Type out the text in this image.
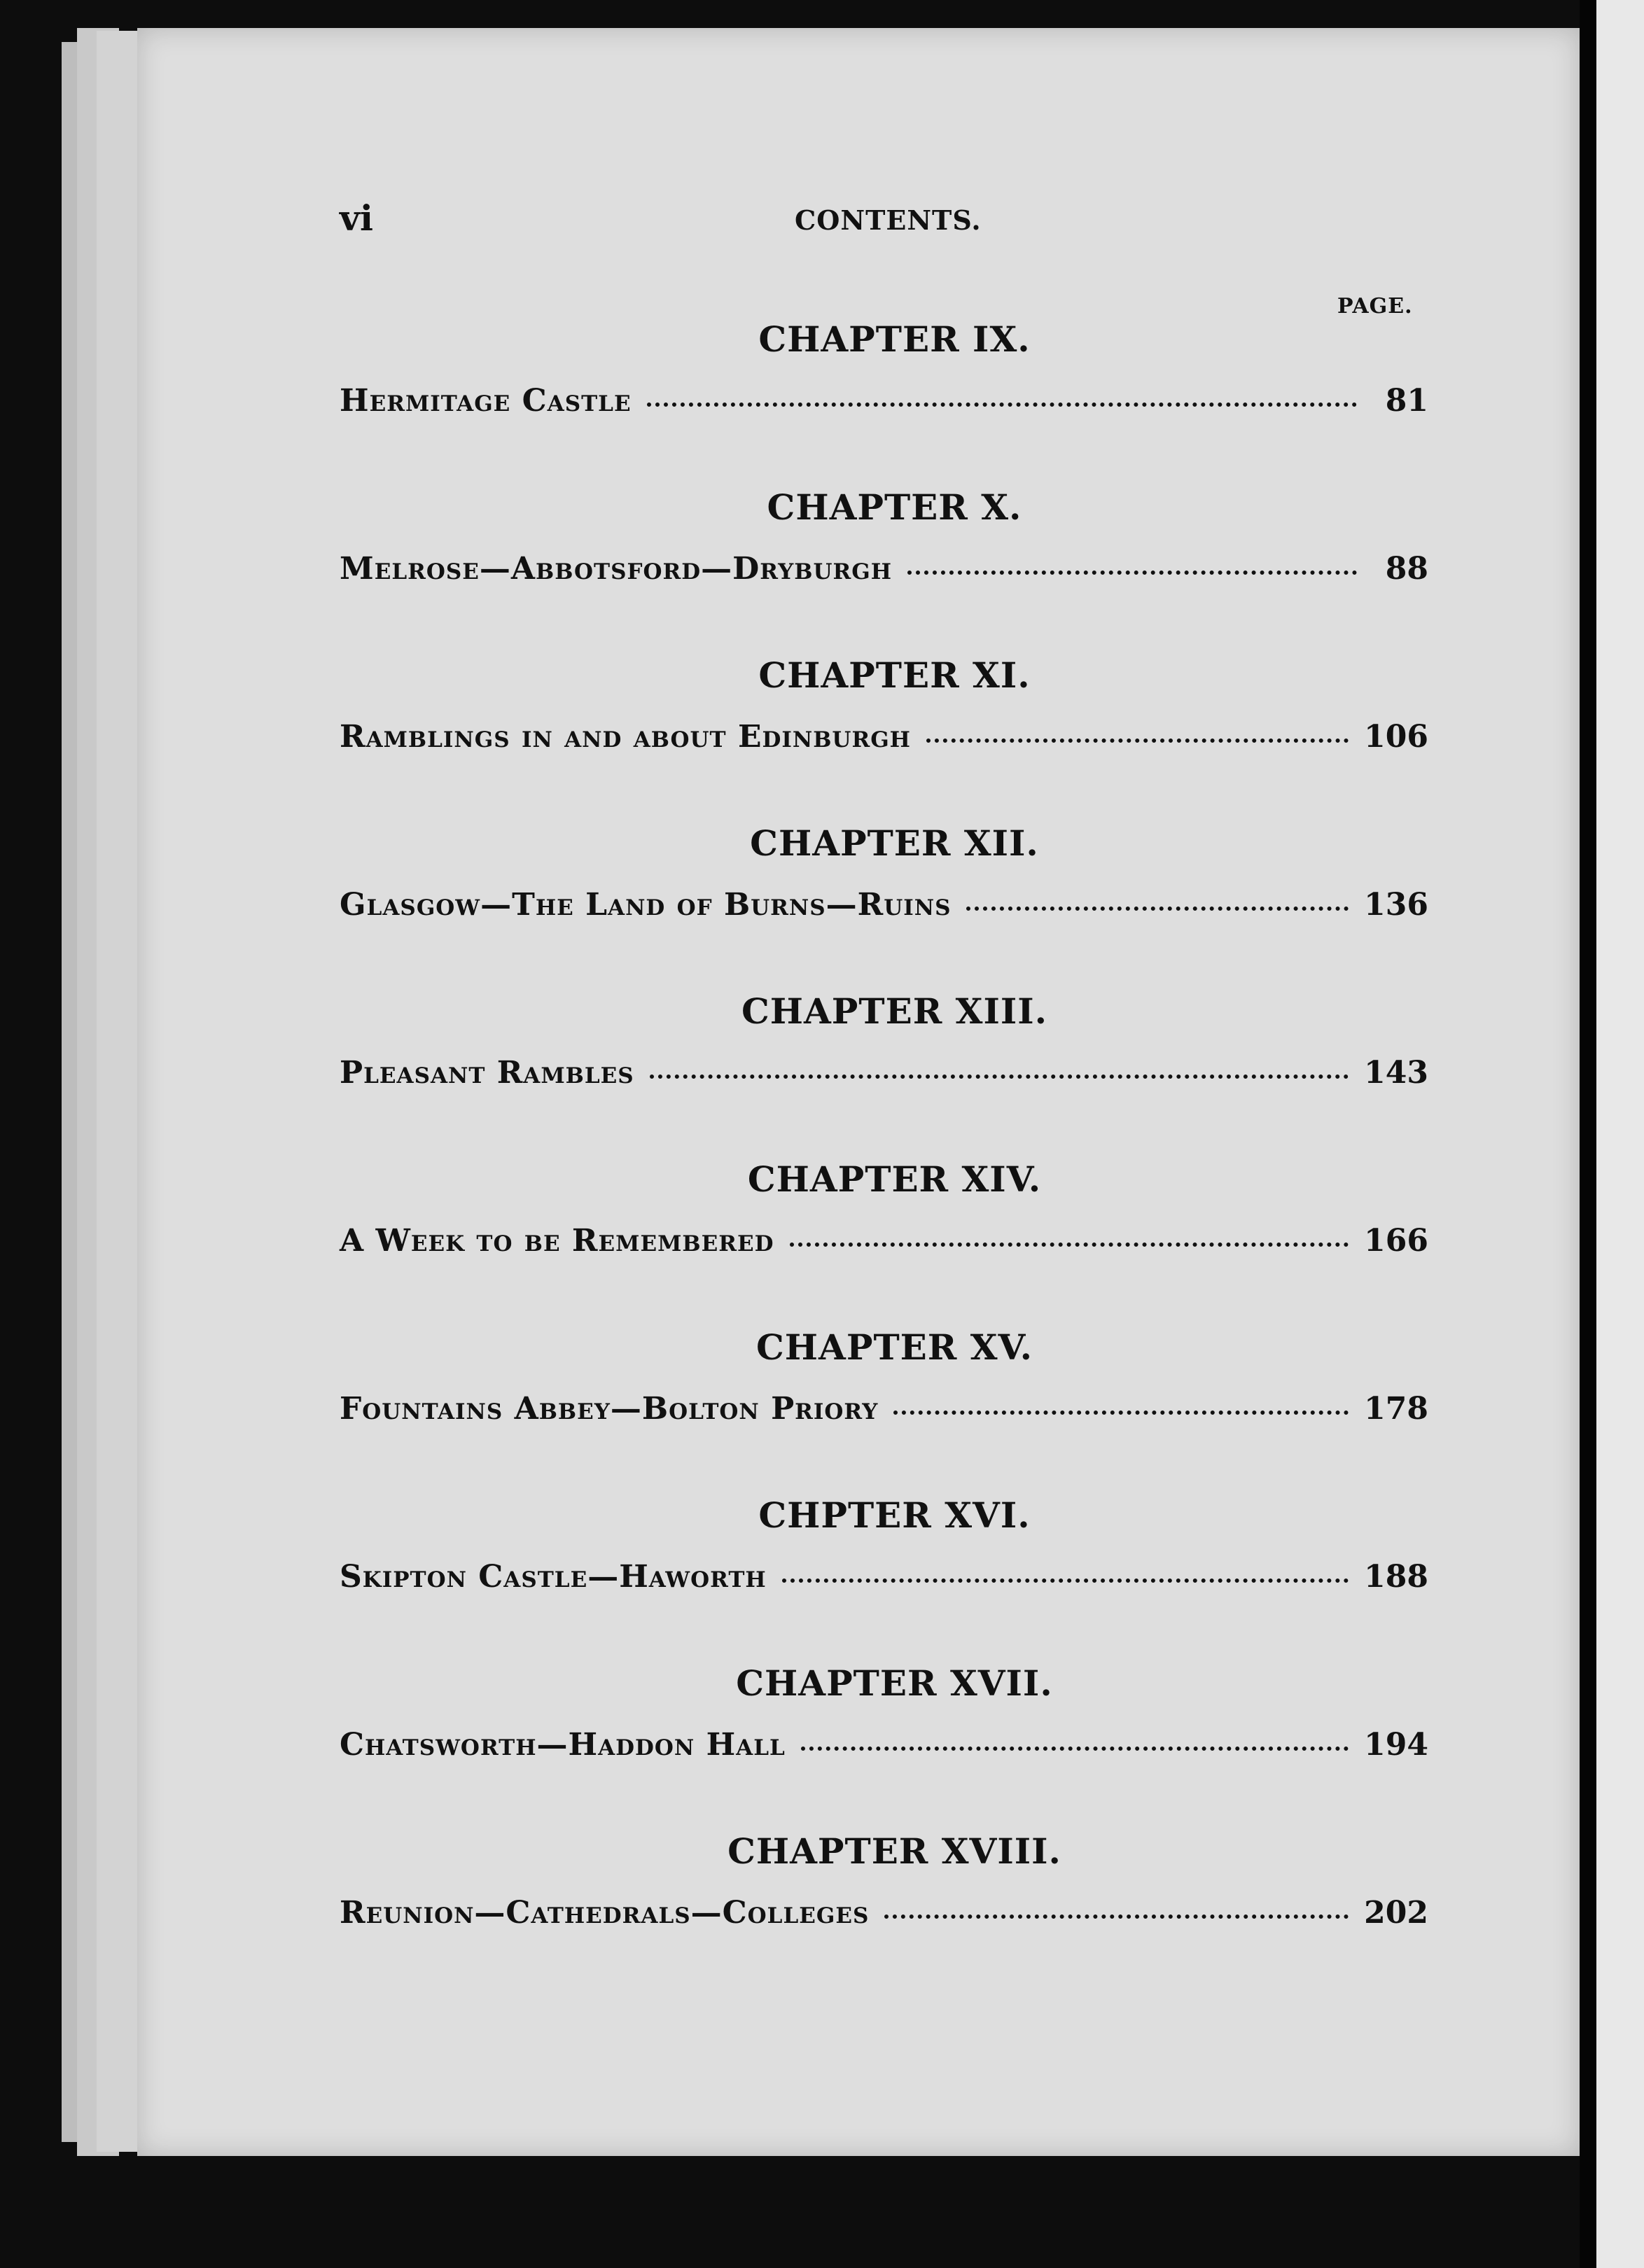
vi	CONTENTS.
PAGE.
CHAPTER IX.
Hermitage Castle	81
CHAPTER X.
Melrose—Abbotsford—Dryburgh	88
CHAPTER XI.
Ramblings in and about Edinburgh	106
CHAPTER XII.
Glasgow—The Land of Burns—Ruins	136
CHAPTER XIII.
Pleasant Rambles	143
CHAPTER XIV.
A Week to be Remembered	166
CHAPTER XV.
Fountains Abbey—Bolton Priory	178
CHPTER XVI.
Skipton Castle—Haworth	188
CHAPTER XVII.
Chatsworth—Haddon Hall	194
CHAPTER XVIII.
Reunion—Cathedrals—Colleges	202
